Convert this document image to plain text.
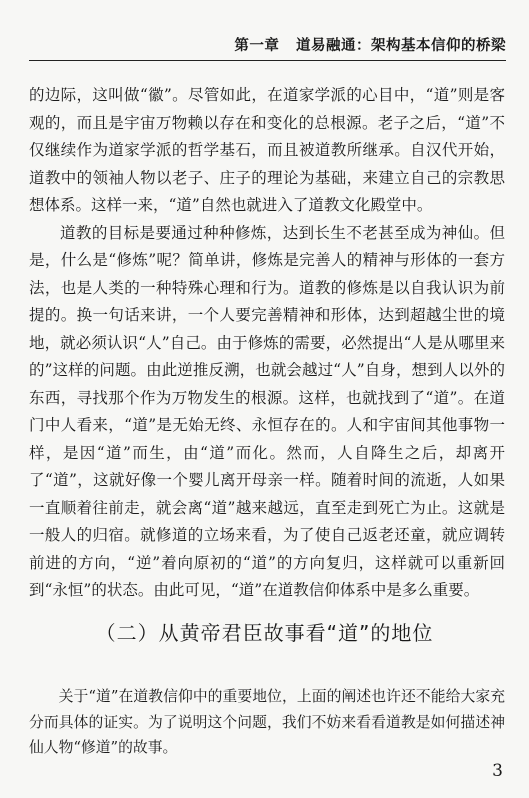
第一章 道易融通：架构基本信仰的桥梁

的边际，这叫做“徽”。尽管如此，在道家学派的心目中，“道”则是客观的，而且是宇宙万物赖以存在和变化的总根源。老子之后，“道”不仅继续作为道家学派的哲学基石，而且被道教所继承。自汉代开始，道教中的领袖人物以老子、庄子的理论为基础，来建立自己的宗教思想体系。这样一来，“道”自然也就进入了道教文化殿堂中。

道教的目标是要通过种种修炼，达到长生不老甚至成为神仙。但是，什么是“修炼”呢？简单讲，修炼是完善人的精神与形体的一套方法，也是人类的一种特殊心理和行为。道教的修炼是以自我认识为前提的。换一句话来讲，一个人要完善精神和形体，达到超越尘世的境地，就必须认识“人”自己。由于修炼的需要，必然提出“人是从哪里来的”这样的问题。由此逆推反溯，也就会越过“人”自身，想到人以外的东西，寻找那个作为万物发生的根源。这样，也就找到了“道”。在道门中人看来，“道”是无始无终、永恒存在的。人和宇宙间其他事物一样，是因“道”而生，由“道”而化。然而，人自降生之后，却离开了“道”，这就好像一个婴儿离开母亲一样。随着时间的流逝，人如果一直顺着往前走，就会离“道”越来越远，直至走到死亡为止。这就是一般人的归宿。就修道的立场来看，为了使自己返老还童，就应调转前进的方向，“逆”着向原初的“道”的方向复归，这样就可以重新回到“永恒”的状态。由此可见，“道”在道教信仰体系中是多么重要。

（二）从黄帝君臣故事看“道”的地位

关于“道”在道教信仰中的重要地位，上面的阐述也许还不能给大家充分而具体的证实。为了说明这个问题，我们不妨来看看道教是如何描述神仙人物“修道”的故事。

3
